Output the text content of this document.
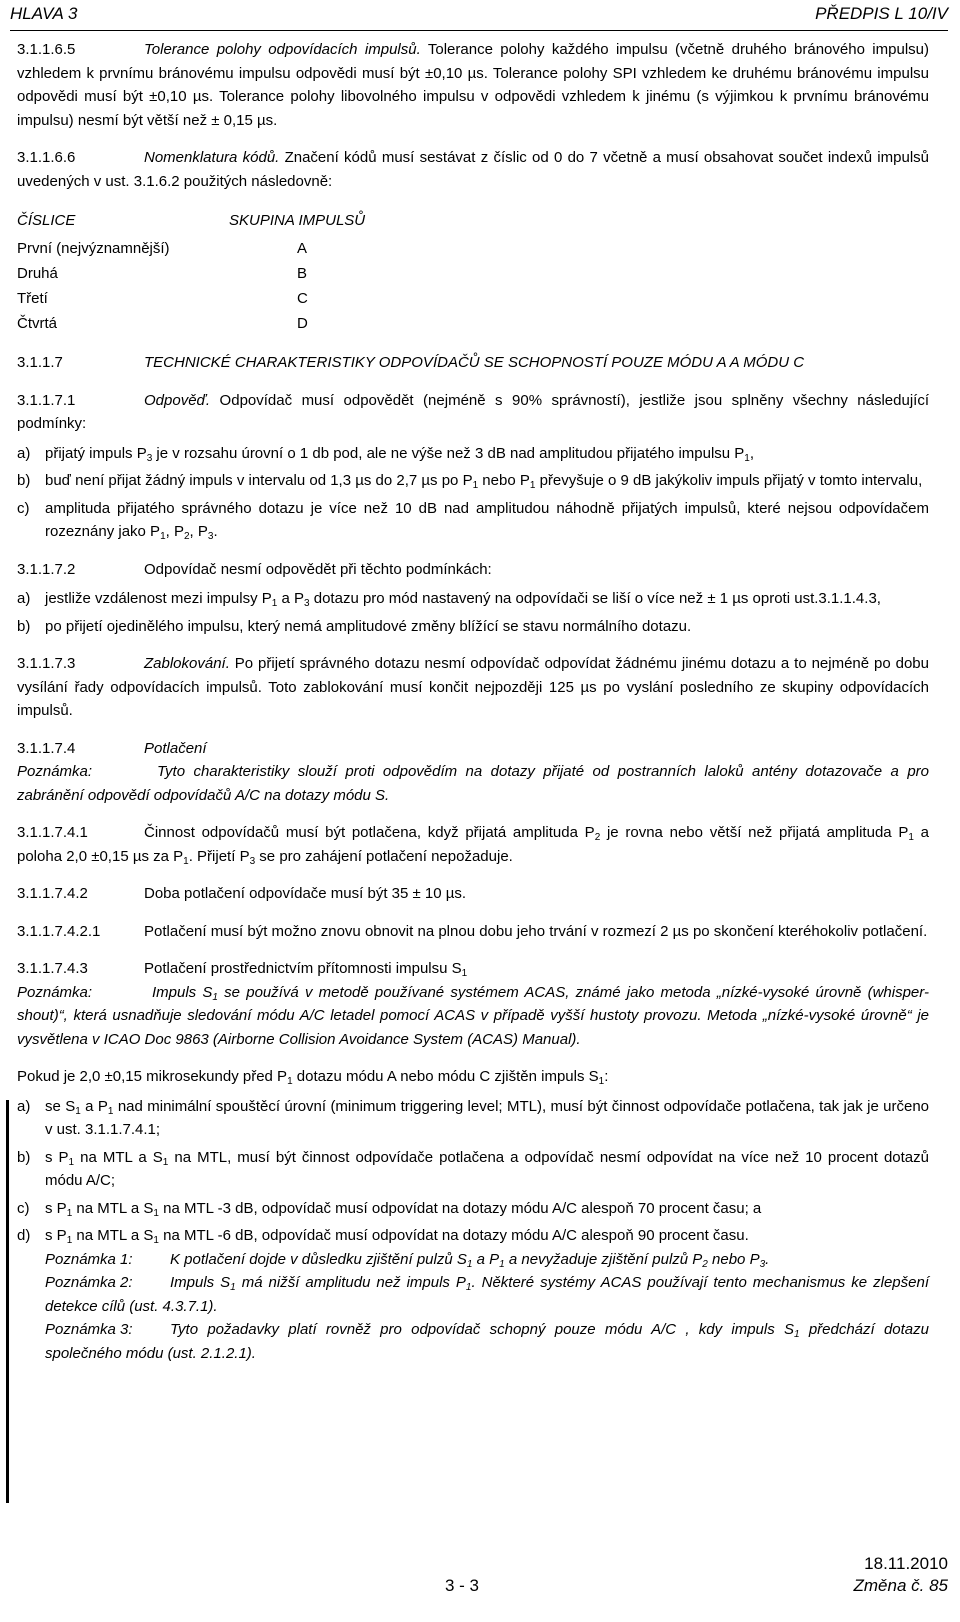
HLAVA 3	PŘEDPIS L 10/IV

3.1.1.6.5	Tolerance polohy odpovídacích impulsů. Tolerance polohy každého impulsu (včetně druhého bránového impulsu) vzhledem k prvnímu bránovému impulsu odpovědi musí být ±0,10 µs. Tolerance polohy SPI vzhledem ke druhému bránovému impulsu odpovědi musí být ±0,10 µs. Tolerance polohy libovolného impulsu v odpovědi vzhledem k jinému (s výjimkou k prvnímu bránovému impulsu) nesmí být větší než ± 0,15 µs.

3.1.1.6.6	Nomenklatura kódů. Značení kódů musí sestávat z číslic od 0 do 7 včetně a musí obsahovat součet indexů impulsů uvedených v ust. 3.1.6.2 použitých následovně:

ČÍSLICE	SKUPINA IMPULSŮ
První (nejvýznamnější)	A
Druhá	B
Třetí	C
Čtvrtá	D

3.1.1.7	TECHNICKÉ CHARAKTERISTIKY ODPOVÍDAČŮ SE SCHOPNOSTÍ POUZE MÓDU A A MÓDU C

3.1.1.7.1	Odpověď. Odpovídač musí odpovědět (nejméně s 90% správností), jestliže jsou splněny všechny následující podmínky:

a) přijatý impuls $P_3$ je v rozsahu úrovní o 1 db pod, ale ne výše než 3 dB nad amplitudou přijatého impulsu $P_1$,
b) buď není přijat žádný impuls v intervalu od 1,3 µs do 2,7 µs po $P_1$ nebo $P_1$ převyšuje o 9 dB jakýkoliv impuls přijatý v tomto intervalu,
c) amplituda přijatého správného dotazu je více než 10 dB nad amplitudou náhodně přijatých impulsů, které nejsou odpovídačem rozeznány jako $P_1$, $P_2$, $P_3$.

3.1.1.7.2	Odpovídač nesmí odpovědět při těchto podmínkách:

a) jestliže vzdálenost mezi impulsy $P_1$ a $P_3$ dotazu pro mód nastavený na odpovídači se liší o více než ± 1 µs oproti ust.3.1.1.4.3,
b) po přijetí ojedinělého impulsu, který nemá amplitudové změny blížící se stavu normálního dotazu.

3.1.1.7.3	Zablokování. Po přijetí správného dotazu nesmí odpovídač odpovídat žádnému jinému dotazu a to nejméně po dobu vysílání řady odpovídacích impulsů. Toto zablokování musí končit nejpozději 125 µs po vyslání posledního ze skupiny odpovídacích impulsů.

3.1.1.7.4	Potlačení

Poznámka:	Tyto charakteristiky slouží proti odpovědím na dotazy přijaté od postranních laloků antény dotazovače a pro zabránění odpovědí odpovídačů A/C na dotazy módu S.

3.1.1.7.4.1	Činnost odpovídačů musí být potlačena, když přijatá amplituda $P_2$ je rovna nebo větší než přijatá amplituda $P_1$ a poloha 2,0 ±0,15 µs za $P_1$. Přijetí $P_3$ se pro zahájení potlačení nepožaduje.

3.1.1.7.4.2	Doba potlačení odpovídače musí být 35 ± 10 µs.

3.1.1.7.4.2.1	Potlačení musí být možno znovu obnovit na plnou dobu jeho trvání v rozmezí 2 µs po skončení kteréhokoliv potlačení.

3.1.1.7.4.3	Potlačení prostřednictvím přítomnosti impulsu $S_1$

Poznámka:	Impuls $S_1$ se používá v metodě používané systémem ACAS, známé jako metoda „nízké-vysoké úrovně (whisper-shout)“, která usnadňuje sledování módu A/C letadel pomocí ACAS v případě vyšší hustoty provozu. Metoda „nízké-vysoké úrovně“ je vysvětlena v ICAO Doc 9863 (Airborne Collision Avoidance System (ACAS) Manual).

Pokud je 2,0 ±0,15 mikrosekundy před $P_1$ dotazu módu A nebo módu C zjištěn impuls $S_1$:

a) se $S_1$ a $P_1$ nad minimální spouštěcí úrovní (minimum triggering level; MTL), musí být činnost odpovídače potlačena, tak jak je určeno v ust. 3.1.1.7.4.1;
b) s $P_1$ na MTL a $S_1$ na MTL, musí být činnost odpovídače potlačena a odpovídač nesmí odpovídat na více než 10 procent dotazů módu A/C;
c) s $P_1$ na MTL a $S_1$ na MTL -3 dB, odpovídač musí odpovídat na dotazy módu A/C alespoň 70 procent času; a
d) s $P_1$ na MTL a $S_1$ na MTL -6 dB, odpovídač musí odpovídat na dotazy módu A/C alespoň 90 procent času.
Poznámka 1: K potlačení dojde v důsledku zjištění pulzů $S_1$ a $P_1$ a nevyžaduje zjištění pulzů $P_2$ nebo $P_3$.
Poznámka 2: Impuls $S_1$ má nižší amplitudu než impuls $P_1$. Některé systémy ACAS používají tento mechanismus ke zlepšení detekce cílů (ust. 4.3.7.1).
Poznámka 3: Tyto požadavky platí rovněž pro odpovídač schopný pouze módu A/C , kdy impuls $S_1$ předchází dotazu společného módu (ust. 2.1.2.1).
18.11.2010
3 - 3	Změna č. 85
